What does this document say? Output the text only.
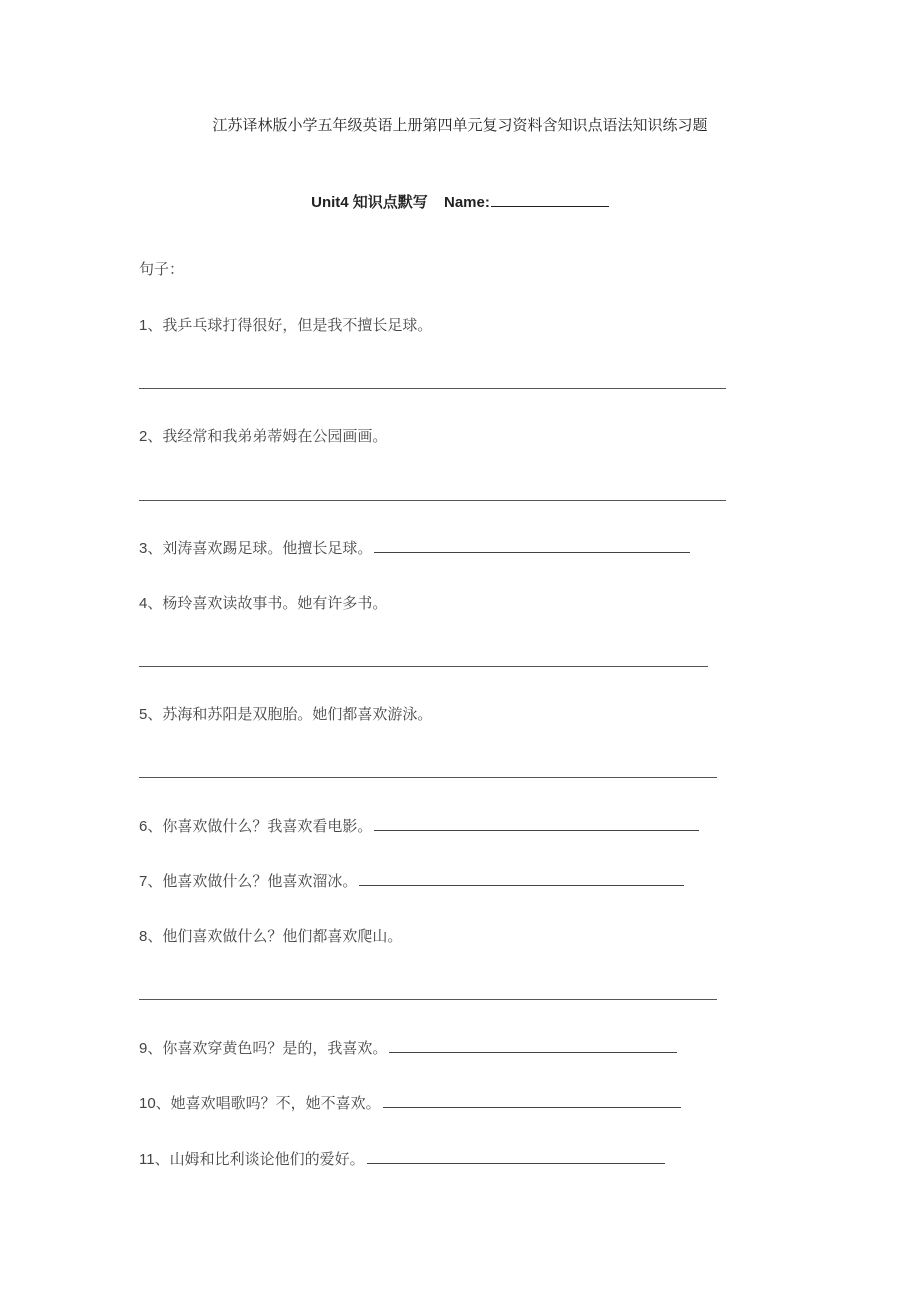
江苏译林版小学五年级英语上册第四单元复习资料含知识点语法知识练习题
Unit4 知识点默写 Name:
句子：
1、我乒乓球打得很好，但是我不擅长足球。
2、我经常和我弟弟蒂姆在公园画画。
3、刘涛喜欢踢足球。他擅长足球。
4、杨玲喜欢读故事书。她有许多书。
5、苏海和苏阳是双胞胎。她们都喜欢游泳。
6、你喜欢做什么？我喜欢看电影。
7、他喜欢做什么？他喜欢溜冰。
8、他们喜欢做什么？他们都喜欢爬山。
9、你喜欢穿黄色吗？是的，我喜欢。
10、她喜欢唱歌吗？不，她不喜欢。
11、山姆和比利谈论他们的爱好。
